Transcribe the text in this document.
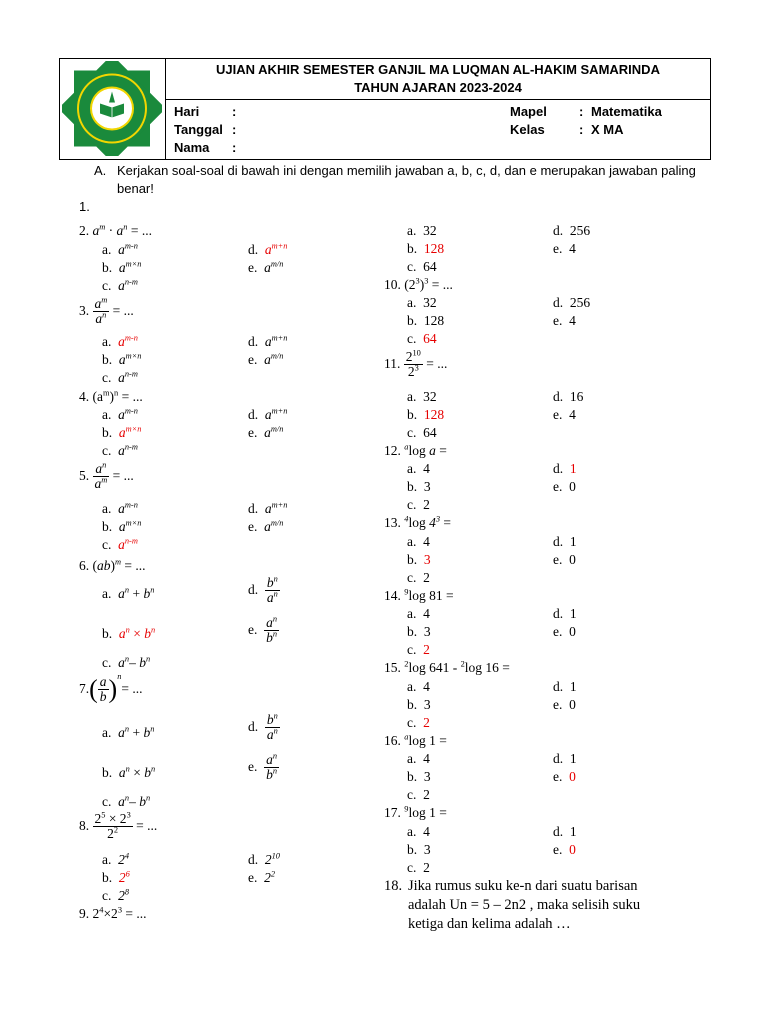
UJIAN AKHIR SEMESTER GANJIL MA LUQMAN AL-HAKIM SAMARINDA
TAHUN AJARAN 2023-2024
Hari	:
Tanggal :
Nama :
Mapel : Matematika
Kelas	: X MA
A. Kerjakan soal-soal di bawah ini dengan memilih jawaban a, b, c, d, dan e merupakan jawaban paling
benar!
1.
2. $a^m \cdot a^n$ = ...
a. $a^{m-n}$	d. $a^{m+n}$
b. $a^{m\times n}$	e. $a^{m/n}$
c. $a^{n-m}$
3. $\frac{a^m}{a^n}$ = ...
a. $a^{m-n}$	d. $a^{m+n}$
b. $a^{m\times n}$	e. $a^{m/n}$
c. $a^{n-m}$
4. $(a^m)^n$ = ...
a. $a^{m-n}$	d. $a^{m+n}$
b. $a^{m\times n}$	e. $a^{m/n}$
c. $a^{n-m}$
5. $\frac{a^n}{a^m}$ = ...
a. $a^{m-n}$	d. $a^{m+n}$
b. $a^{m\times n}$	e. $a^{m/n}$
c. $a^{n-m}$
6. (ab)$^m$ = ...
a. $a^n + b^n$	d. $\frac{b^n}{a^n}$
b. $a^n \times b^n$	e. $\frac{a^n}{b^n}$
c. $a^n-$ $b^n$
$7.( \frac{a}{b} )^n=$ ...
a. $a^n + b^n$	d. $\frac{b^n}{a^n}$
b. $a^n \times b^n$	e. $\frac{a^n}{b^n}$
c. $a^n-$ $b^n$
8. $\frac{2^5 \times 2^3}{2^2}$ = ...
a. $2^4$	d. $2^{10}$
b. $2^6$	e. $2^2$
c. $2^8$
9. $2^4\times 2^3$ = ...
a. 32	d. 256
b. 128	e. 4
c. 64
10. $(2^3)^3$ = ...
a. 32	d. 256
b. 128	e. 4
c. 64
11. $\frac{2^{10}}{2^3}$ = ...
a. 32	d. 16
b. 128	e. 4
c. 64
12. $^a$log a =
a. 4	d. 1
b. 3	e. 0
c. 2
13. $^4$log $4^3$ =
a. 4	d. 1
b. 3	e. 0
c. 2
14. $^9$log 81 =
a. 4	d. 1
b. 3	e. 0
c. 2
15. $^2$log 641 - $^2$log 16 =
a. 4	d. 1
b. 3	e. 0
c. 2
16. $^a$log 1 =
a. 4	d. 1
b. 3	e. 0
c. 2
17. $^9$log 1 =
a. 4	d. 1
b. 3	e. 0
c. 2
18. Jika rumus suku ke-n dari suatu barisan
adalah Un = 5 – 2n2 , maka selisih suku
ketiga dan kelima adalah …
